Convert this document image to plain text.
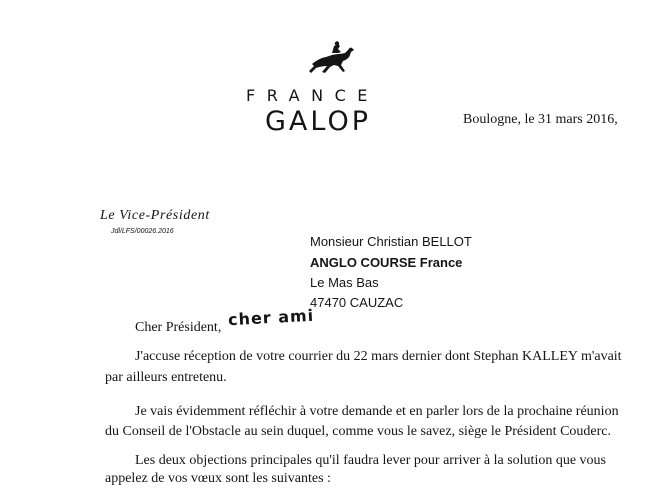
FRANCE
GALOP	Boulogne, le 31 mars 2016,
Le Vice-Président
Jdl/LFS/00026.2016
Monsieur Christian BELLOT
ANGLO COURSE France
Le Mas Bas
47470 CAUZAC
Cher Président, cher ami
J'accuse réception de votre courrier du 22 mars dernier dont Stephan KALLEY m'avait
par ailleurs entretenu.
Je vais évidemment réfléchir à votre demande et en parler lors de la prochaine réunion
du Conseil de l'Obstacle au sein duquel, comme vous le savez, siège le Président Couderc.
Les deux objections principales qu'il faudra lever pour arriver à la solution que vous
appelez de vos vœux sont les suivantes :
